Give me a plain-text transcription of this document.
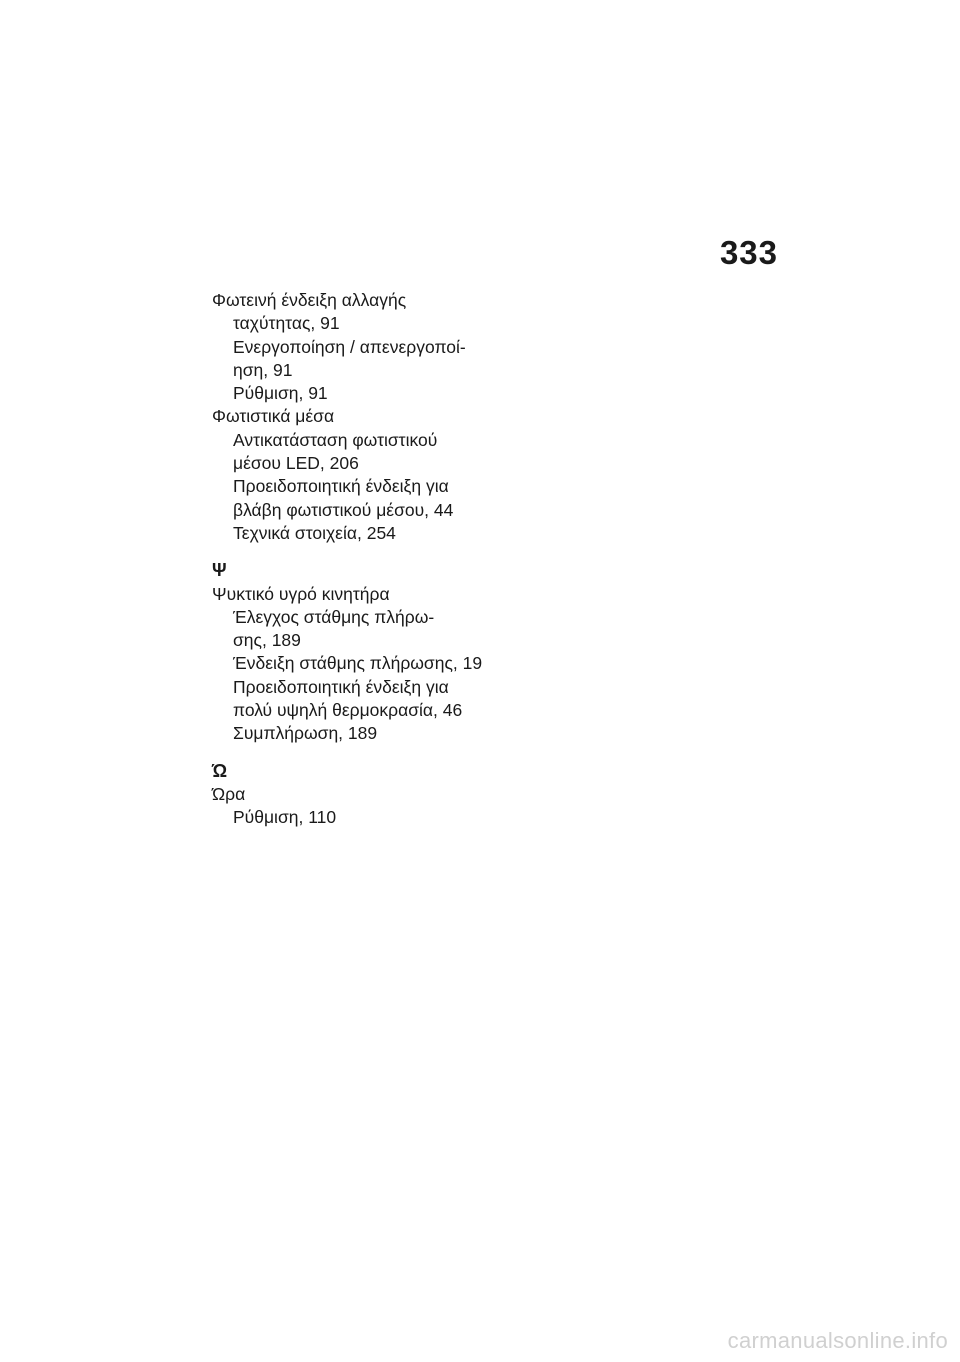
333
Φωτεινή ένδειξη αλλαγής
ταχύτητας, 91
Ενεργοποίηση / απενεργοποί-
ηση, 91
Ρύθμιση, 91
Φωτιστικά μέσα
Αντικατάσταση φωτιστικού
μέσου LED, 206
Προειδοποιητική ένδειξη για
βλάβη φωτιστικού μέσου, 44
Τεχνικά στοιχεία, 254
Ψ
Ψυκτικό υγρό κινητήρα
Έλεγχος στάθμης πλήρω-
σης, 189
Ένδειξη στάθμης πλήρωσης, 19
Προειδοποιητική ένδειξη για
πολύ υψηλή θερμοκρασία, 46
Συμπλήρωση, 189
Ώ
Ώρα
Ρύθμιση, 110
carmanualsonline.info
